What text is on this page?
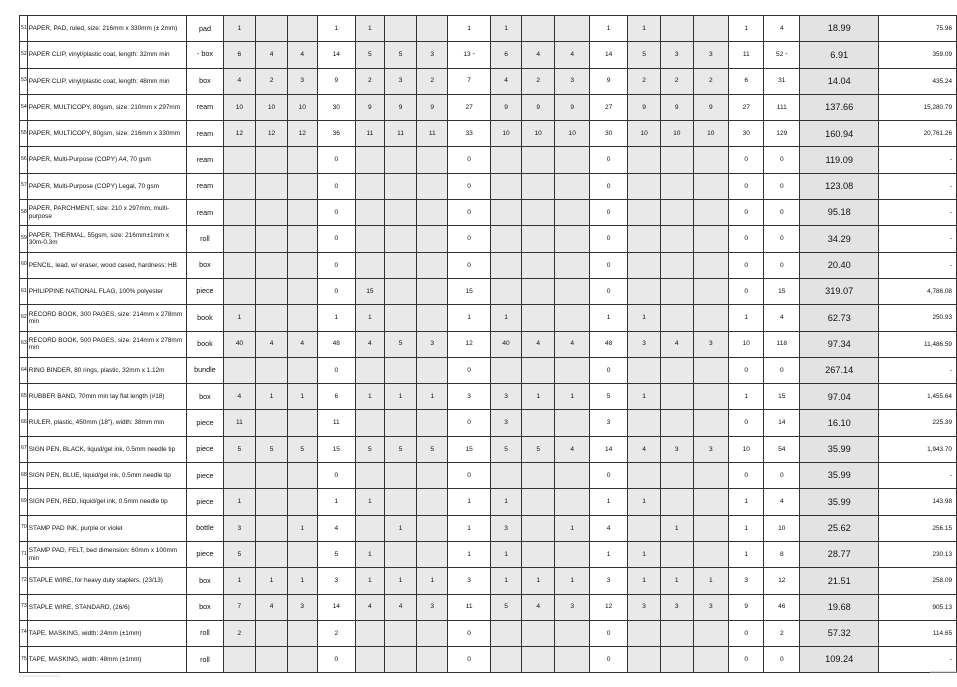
51	PAPER, PAD, ruled, size: 216mm x 330mm (± 2mm)	pad	1			1	1			1	1			1	1			1	4	18.99	75.96
52	PAPER CLIP, vinyl/plastic coat, length: 32mm min	- box	6	4	4	14	5	5	3	13 -	6	4	4	14	5	3	3	11	52 -	6.91	359.09
53	PAPER CLIP, vinyl/plastic coat, length: 48mm min	box	4	2	3	9	2	3	2	7	4	2	3	9	2	2	2	6	31	14.04	435.24
54	PAPER, MULTICOPY, 80gsm, size: 210mm x 297mm	ream	10	10	10	30	9	9	9	27	9	9	9	27	9	9	9	27	111	137.66	15,280.79
55	PAPER, MULTICOPY, 80gsm, size: 216mm x 330mm	ream	12	12	12	36	11	11	11	33	10	10	10	30	10	10	10	30	129	160.94	20,761.26
56	PAPER, Multi-Purpose (COPY) A4, 70 gsm	ream				0				0				0				0	0	119.09	-
57	PAPER, Multi-Purpose (COPY) Legal, 70 gsm	ream				0				0				0				0	0	123.08	-
58	PAPER, PARCHMENT, size: 210 x 297mm, multi-purpose	ream				0				0				0				0	0	95.18	-
59	PAPER, THERMAL, 55gsm, size: 216mm±1mm x 30m-0.3m	roll				0				0				0				0	0	34.29	-
60	PENCIL, lead, w/ eraser, wood cased, hardness: HB	box				0				0				0				0	0	20.40	-
61	PHILIPPINE NATIONAL FLAG, 100% polyester	piece				0	15			15				0				0	15	319.07	4,786.08
62	RECORD BOOK, 300 PAGES, size: 214mm x 278mm min	book	1			1	1			1	1			1	1			1	4	62.73	250.93
63	RECORD BOOK, 500 PAGES, size: 214mm x 278mm min	book	40	4	4	48	4	5	3	12	40	4	4	48	3	4	3	10	118	97.34	11,486.59
64	RING BINDER, 80 rings, plastic, 32mm x 1.12m	bundle				0				0				0				0	0	267.14	-
65	RUBBER BAND, 70mm min lay flat length (#18)	box	4	1	1	6	1	1	1	3	3	1	1	5	1			1	15	97.04	1,455.64
66	RULER, plastic, 450mm (18"), width: 38mm min	piece	11			11				0	3			3				0	14	16.10	225.39
67	SIGN PEN, BLACK, liquid/gel ink, 0.5mm needle tip	piece	5	5	5	15	5	5	5	15	5	5	4	14	4	3	3	10	54	35.99	1,943.70
68	SIGN PEN, BLUE, liquid/gel ink, 0.5mm needle tip	piece				0				0				0				0	0	35.99	-
69	SIGN PEN, RED, liquid/gel ink, 0.5mm needle tip	piece	1			1	1			1	1			1	1			1	4	35.99	143.98
70	STAMP PAD INK, purple or violet	bottle	3		1	4		1		1	3		1	4		1		1	10	25.62	256.15
71	STAMP PAD, FELT, bed dimension: 60mm x 100mm min	piece	5			5	1			1	1			1	1			1	8	28.77	230.13
72	STAPLE WIRE, for heavy duty staplers, (23/13)	box	1	1	1	3	1	1	1	3	1	1	1	3	1	1	1	3	12	21.51	258.09
73	STAPLE WIRE, STANDARD, (26/6)	box	7	4	3	14	4	4	3	11	5	4	3	12	3	3	3	9	46	19.68	905.13
74	TAPE, MASKING, width: 24mm (±1mm)	roll	2			2				0				0				0	2	57.32	114.65
75	TAPE, MASKING, width: 48mm (±1mm)	roll				0				0				0				0	0	109.24	-
